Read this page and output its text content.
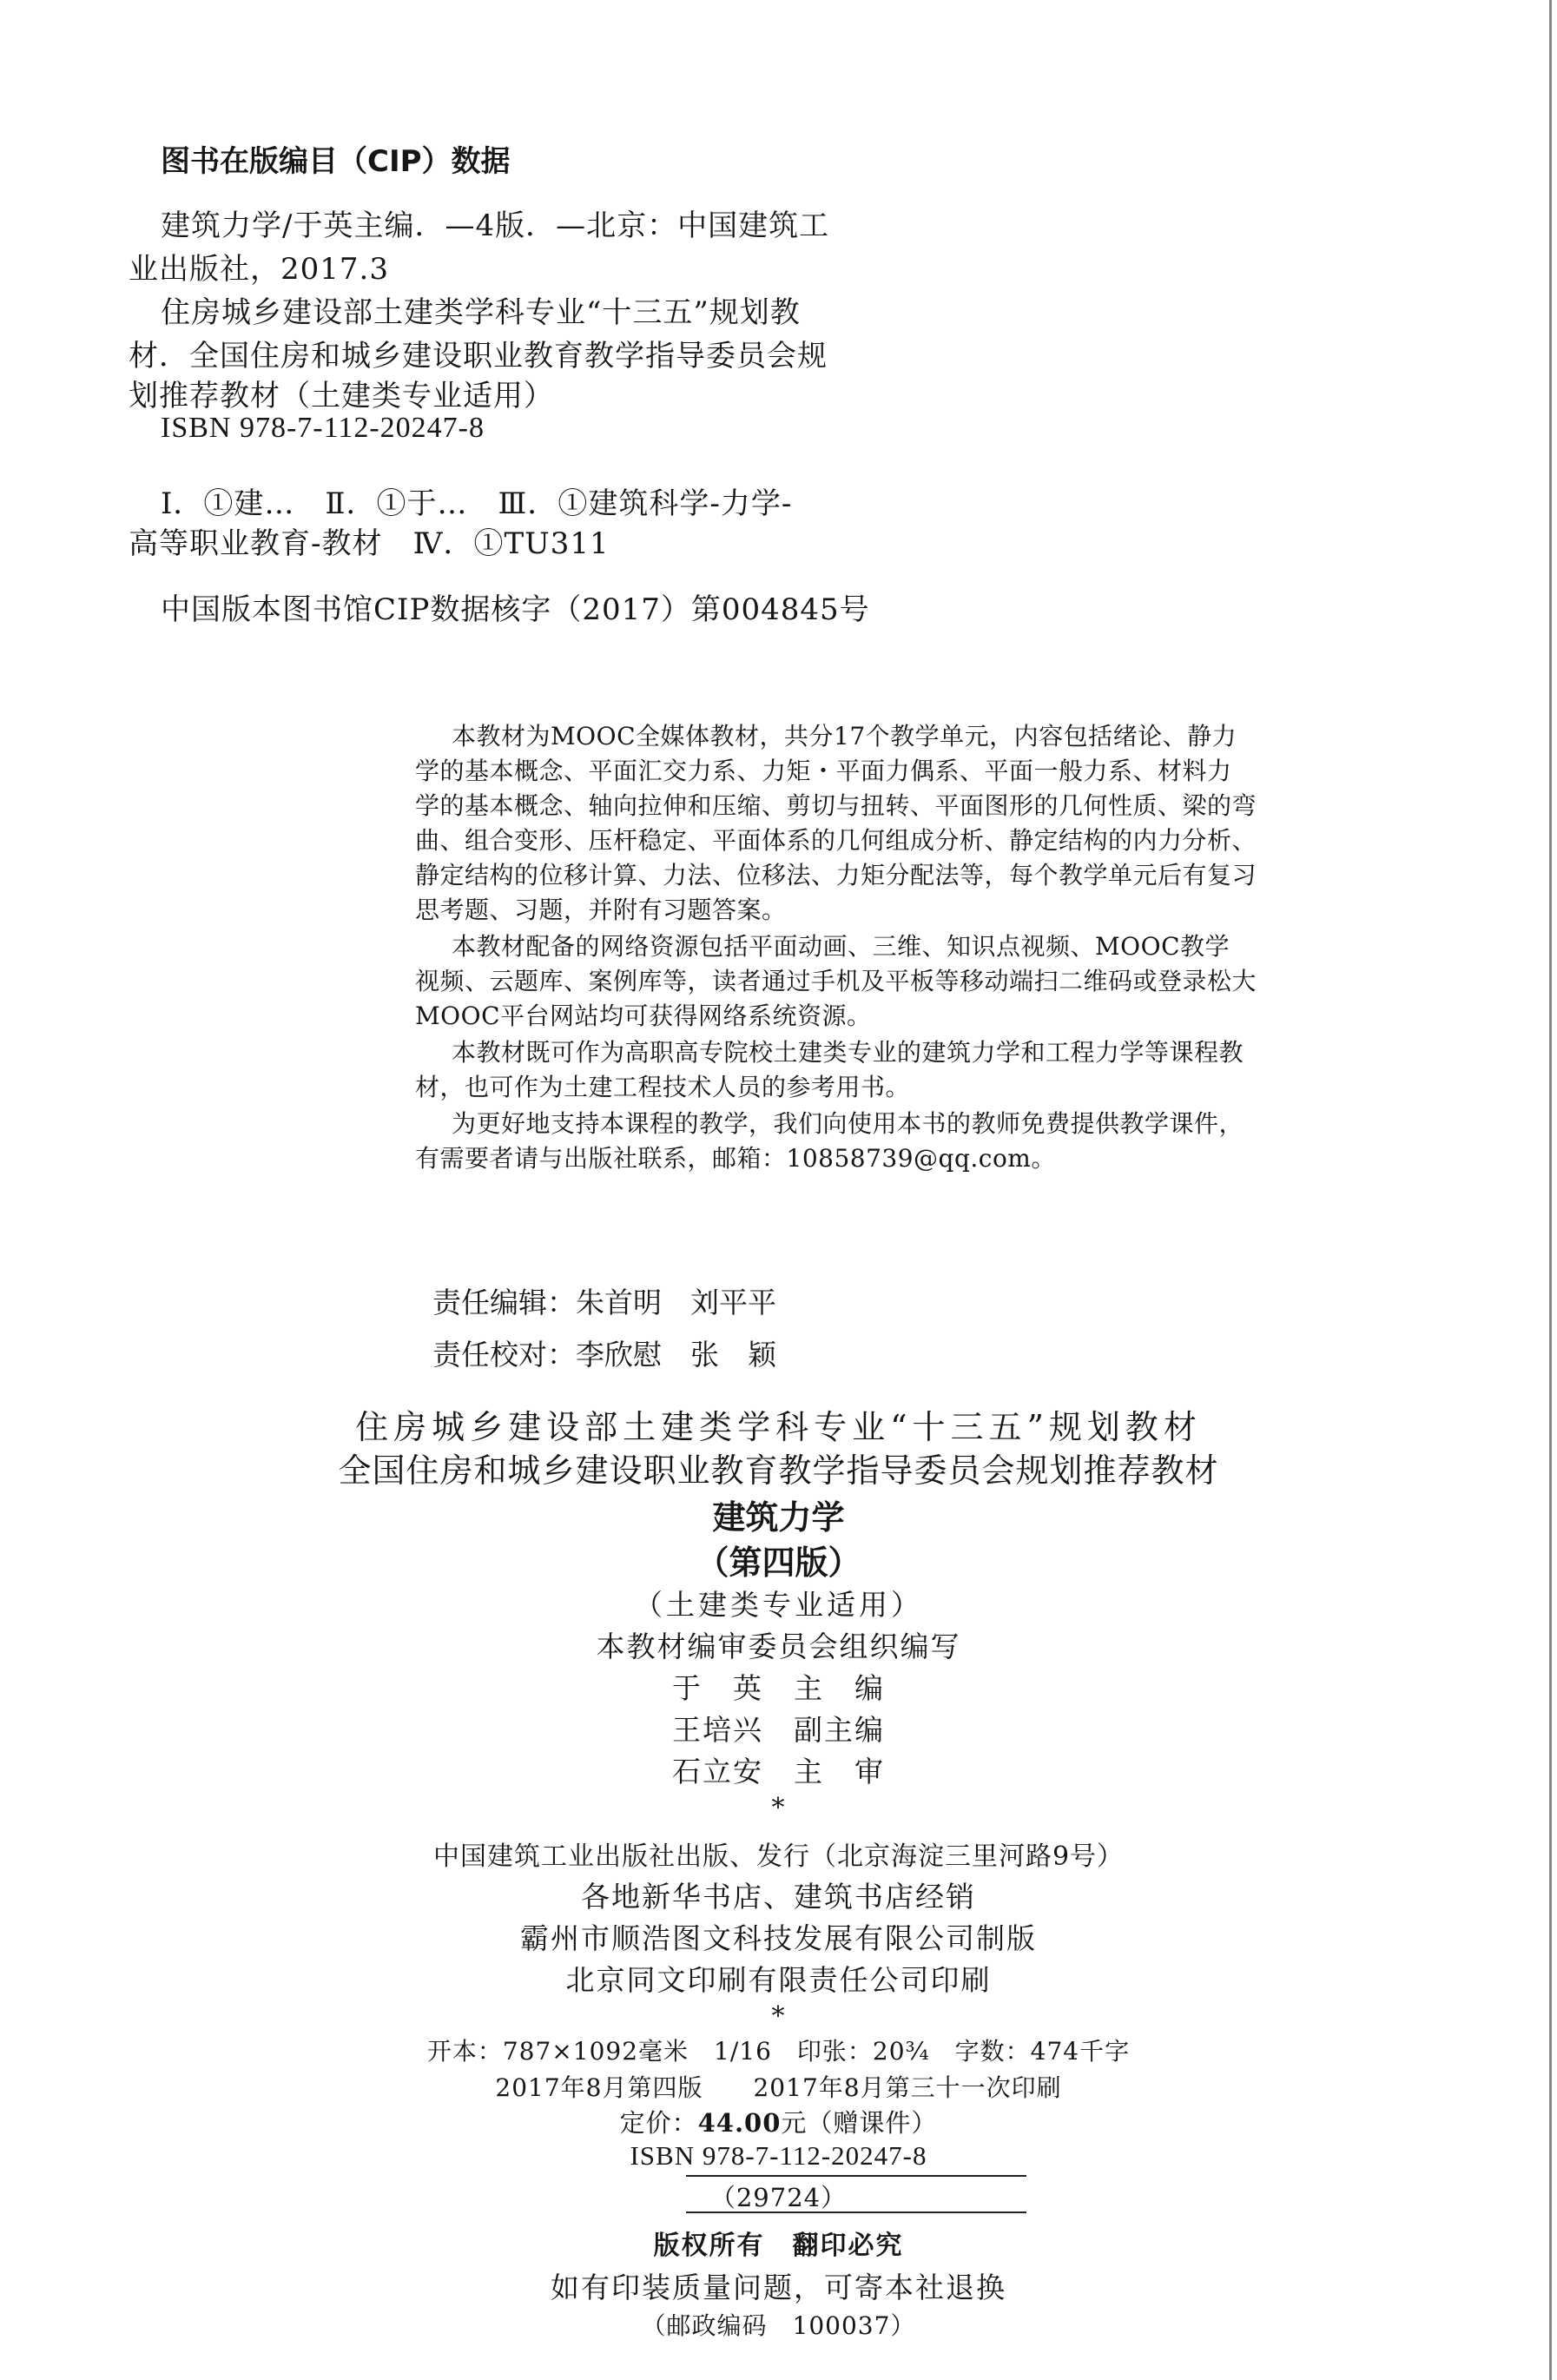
图书在版编目（CIP）数据
建筑力学/于英主编．—4版．—北京：中国建筑工
业出版社，2017.3
住房城乡建设部土建类学科专业“十三五”规划教
材．全国住房和城乡建设职业教育教学指导委员会规
划推荐教材（土建类专业适用）
ISBN 978-7-112-20247-8
Ⅰ．①建…　Ⅱ．①于…　Ⅲ．①建筑科学-力学-
高等职业教育-教材　Ⅳ．①TU311
中国版本图书馆CIP数据核字（2017）第004845号
本教材为MOOC全媒体教材，共分17个教学单元，内容包括绪论、静力
学的基本概念、平面汇交力系、力矩・平面力偶系、平面一般力系、材料力
学的基本概念、轴向拉伸和压缩、剪切与扭转、平面图形的几何性质、梁的弯
曲、组合变形、压杆稳定、平面体系的几何组成分析、静定结构的内力分析、
静定结构的位移计算、力法、位移法、力矩分配法等，每个教学单元后有复习
思考题、习题，并附有习题答案。
本教材配备的网络资源包括平面动画、三维、知识点视频、MOOC教学
视频、云题库、案例库等，读者通过手机及平板等移动端扫二维码或登录松大
MOOC平台网站均可获得网络系统资源。
本教材既可作为高职高专院校土建类专业的建筑力学和工程力学等课程教
材，也可作为土建工程技术人员的参考用书。
为更好地支持本课程的教学，我们向使用本书的教师免费提供教学课件，
有需要者请与出版社联系，邮箱：10858739@qq.com。
责任编辑：朱首明　刘平平
责任校对：李欣慰　张　颖
住房城乡建设部土建类学科专业“十三五”规划教材
全国住房和城乡建设职业教育教学指导委员会规划推荐教材
建筑力学
（第四版）
（土建类专业适用）
本教材编审委员会组织编写
于　英　主　编
王培兴　副主编
石立安　主　审
*
中国建筑工业出版社出版、发行（北京海淀三里河路9号）
各地新华书店、建筑书店经销
霸州市顺浩图文科技发展有限公司制版
北京同文印刷有限责任公司印刷
*
开本：787×1092毫米　1/16　印张：20¾　字数：474千字
2017年8月第四版　　2017年8月第三十一次印刷
定价：44.00元（赠课件）
ISBN 978-7-112-20247-8
（29724）
版权所有　翻印必究
如有印装质量问题，可寄本社退换
（邮政编码　100037）
